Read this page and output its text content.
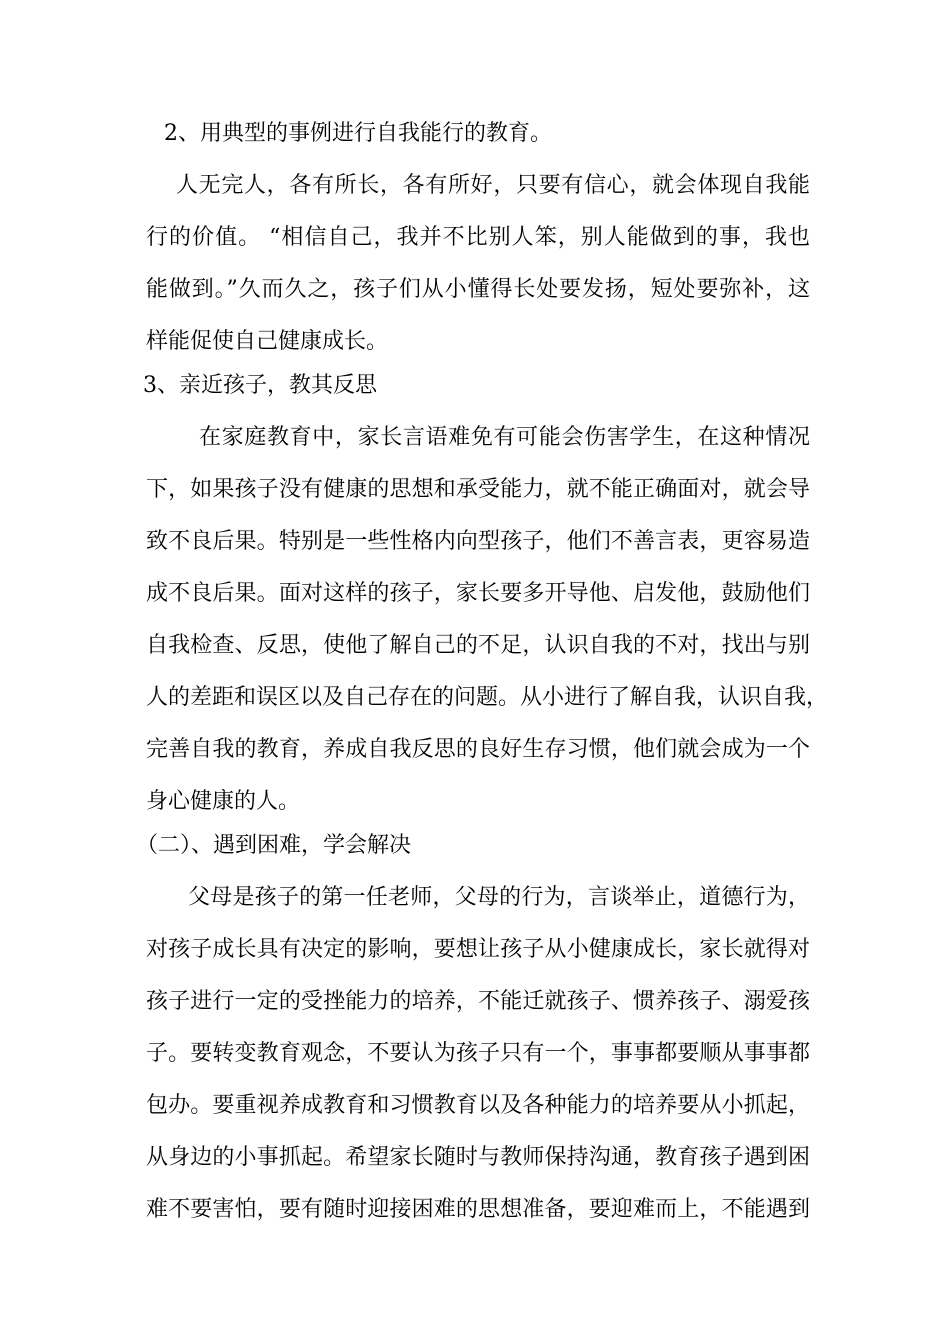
2、用典型的事例进行自我能行的教育。
人无完人，各有所长，各有所好，只要有信心，就会体现自我能
行的价值。 “相信自己，我并不比别人笨，别人能做到的事，我也
能做到。”久而久之，孩子们从小懂得长处要发扬，短处要弥补，这
样能促使自己健康成长。
3、亲近孩子，教其反思
在家庭教育中，家长言语难免有可能会伤害学生，在这种情况
下，如果孩子没有健康的思想和承受能力，就不能正确面对，就会导
致不良后果。特别是一些性格内向型孩子，他们不善言表，更容易造
成不良后果。面对这样的孩子，家长要多开导他、启发他，鼓励他们
自我检查、反思，使他了解自己的不足，认识自我的不对，找出与别
人的差距和误区以及自己存在的问题。从小进行了解自我，认识自我，
完善自我的教育，养成自我反思的良好生存习惯，他们就会成为一个
身心健康的人。
（二）、遇到困难，学会解决
父母是孩子的第一任老师，父母的行为，言谈举止，道德行为，
对孩子成长具有决定的影响，要想让孩子从小健康成长，家长就得对
孩子进行一定的受挫能力的培养，不能迁就孩子、惯养孩子、溺爱孩
子。要转变教育观念，不要认为孩子只有一个，事事都要顺从事事都
包办。要重视养成教育和习惯教育以及各种能力的培养要从小抓起，
从身边的小事抓起。希望家长随时与教师保持沟通，教育孩子遇到困
难不要害怕，要有随时迎接困难的思想准备，要迎难而上，不能遇到
